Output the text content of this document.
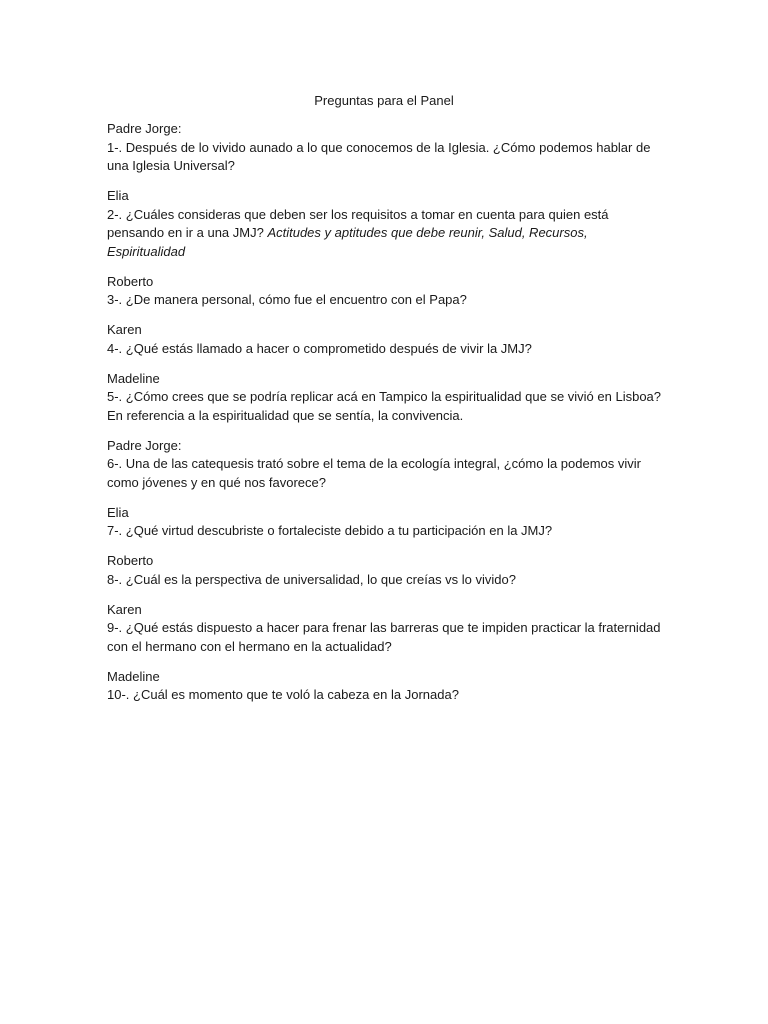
Preguntas para el Panel
Padre Jorge:

1-. Después de lo vivido aunado a lo que conocemos de la Iglesia. ¿Cómo podemos hablar de una Iglesia Universal?

Elia

2-. ¿Cuáles consideras que deben ser los requisitos a tomar en cuenta para quien está pensando en ir a una JMJ? Actitudes y aptitudes que debe reunir, Salud, Recursos, Espiritualidad

Roberto

3-. ¿De manera personal, cómo fue el encuentro con el Papa?

Karen

4-. ¿Qué estás llamado a hacer o comprometido después de vivir la JMJ?

Madeline

5-. ¿Cómo crees que se podría replicar acá en Tampico la espiritualidad que se vivió en Lisboa? En referencia a la espiritualidad que se sentía, la convivencia.

Padre Jorge:

6-. Una de las catequesis trató sobre el tema de la ecología integral, ¿cómo la podemos vivir como jóvenes y en qué nos favorece?

Elia

7-. ¿Qué virtud descubriste o fortaleciste debido a tu participación en la JMJ?

Roberto

8-. ¿Cuál es la perspectiva de universalidad, lo que creías vs lo vivido?

Karen

9-. ¿Qué estás dispuesto a hacer para frenar las barreras que te impiden practicar la fraternidad con el hermano con el hermano en la actualidad?

Madeline

10-. ¿Cuál es momento que te voló la cabeza en la Jornada?
